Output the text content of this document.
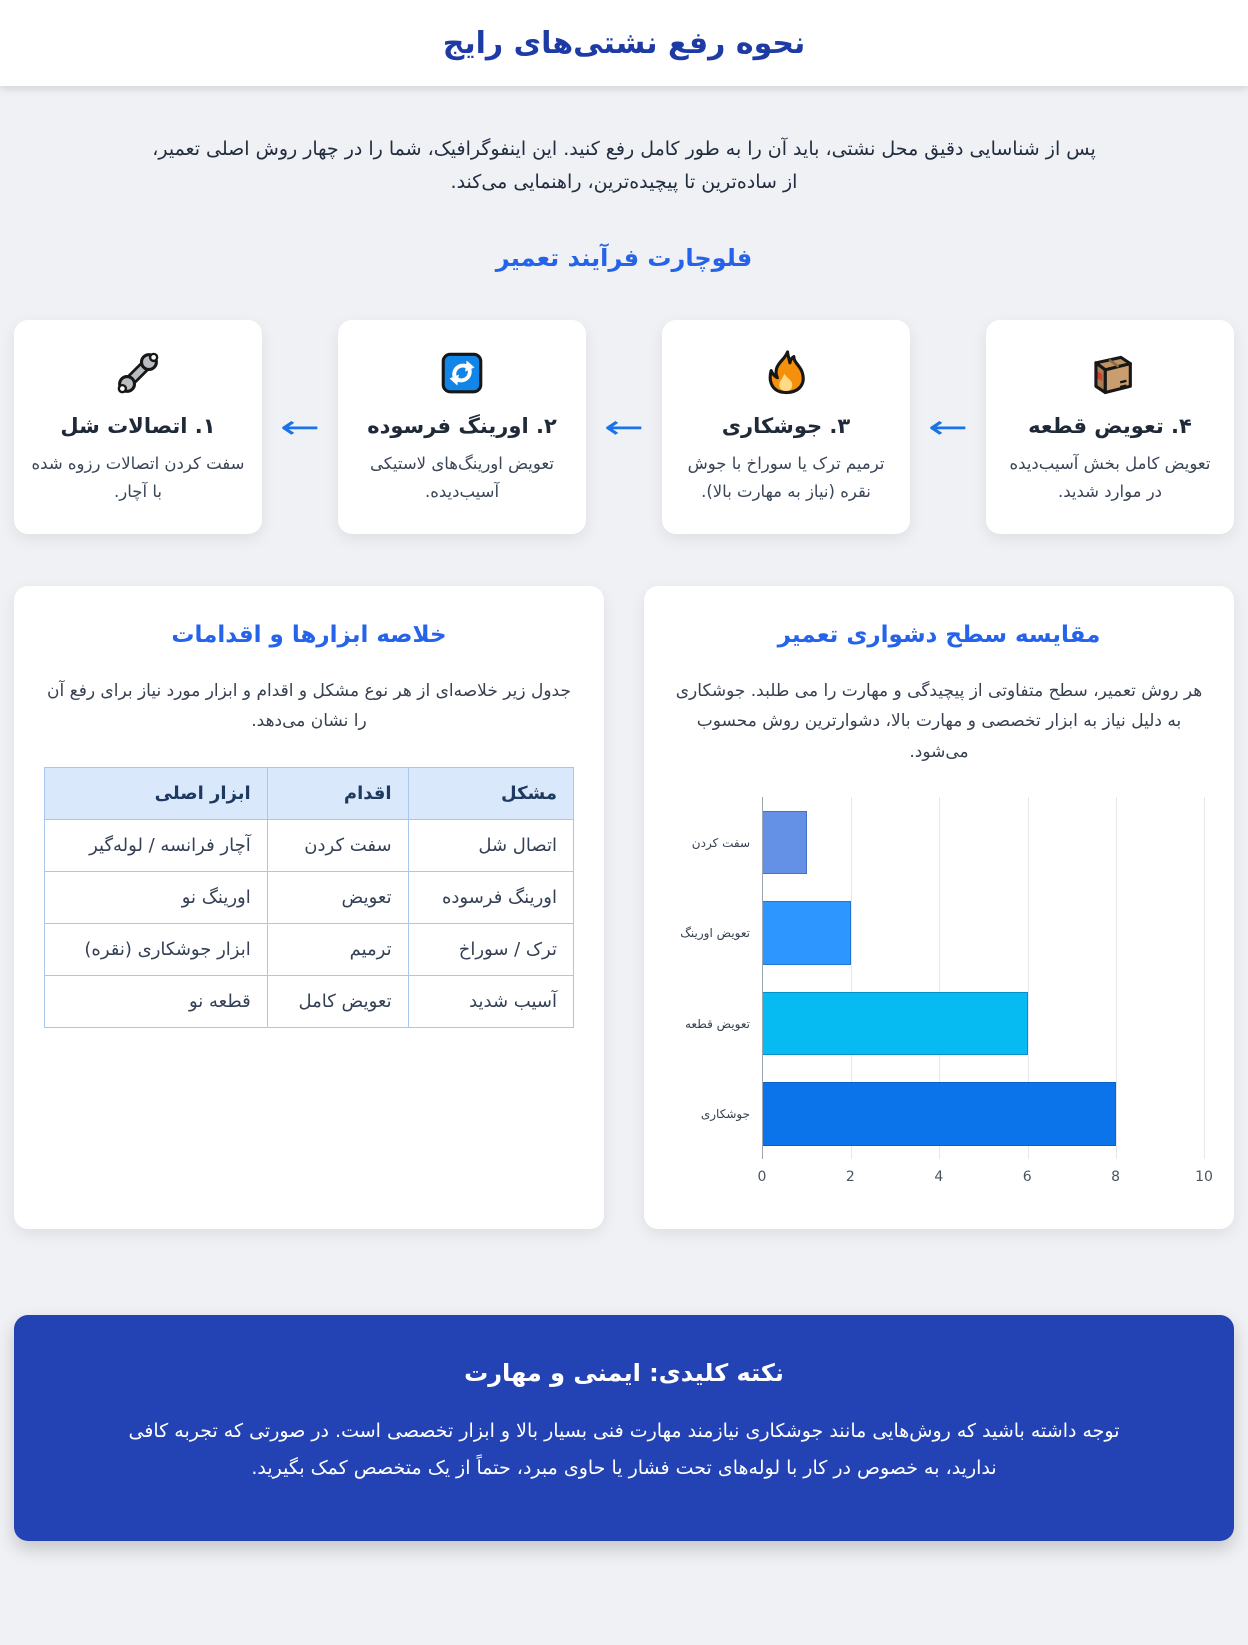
نحوه رفع نشتی‌های رایج

پس از شناسایی دقیق محل نشتی، باید آن را به طور کامل رفع کنید. این اینفوگرافیک، شما را در چهار روش اصلی تعمیر، از ساده‌ترین تا پیچیده‌ترین، راهنمایی می‌کند.

فلوچارت فرآیند تعمیر
۴. تعویض قطعه

تعویض کامل بخش آسیب‌دیده در موارد شدید.

←
۳. جوشکاری

ترمیم ترک یا سوراخ با جوش نقره (نیاز به مهارت بالا).

←
۲. اورینگ فرسوده

تعویض اورینگ‌های لاستیکی آسیب‌دیده.

←
۱. اتصالات شل

سفت کردن اتصالات رزوه شده با آچار.

مقایسه سطح دشواری تعمیر

هر روش تعمیر، سطح متفاوتی از پیچیدگی و مهارت را می طلبد. جوشکاری به دلیل نیاز به ابزار تخصصی و مهارت بالا، دشوارترین روش محسوب می‌شود.

سفت کردن
تعویض اورینگ
تعویض قطعه
جوشکاری
0	2	4	6	8	10
خلاصه ابزارها و اقدامات

جدول زیر خلاصه‌ای از هر نوع مشکل و اقدام و ابزار مورد نیاز برای رفع آن را نشان می‌دهد.

مشکل	اقدام	ابزار اصلی
اتصال شل	سفت کردن	آچار فرانسه / لوله‌گیر
اورینگ فرسوده	تعویض	اورینگ نو
ترک / سوراخ	ترمیم	ابزار جوشکاری (نقره)
آسیب شدید	تعویض کامل	قطعه نو
نکته کلیدی: ایمنی و مهارت

توجه داشته باشید که روش‌هایی مانند جوشکاری نیازمند مهارت فنی بسیار بالا و ابزار تخصصی است. در صورتی که تجربه کافی ندارید، به خصوص در کار با لوله‌های تحت فشار یا حاوی مبرد، حتماً از یک متخصص کمک بگیرید.
